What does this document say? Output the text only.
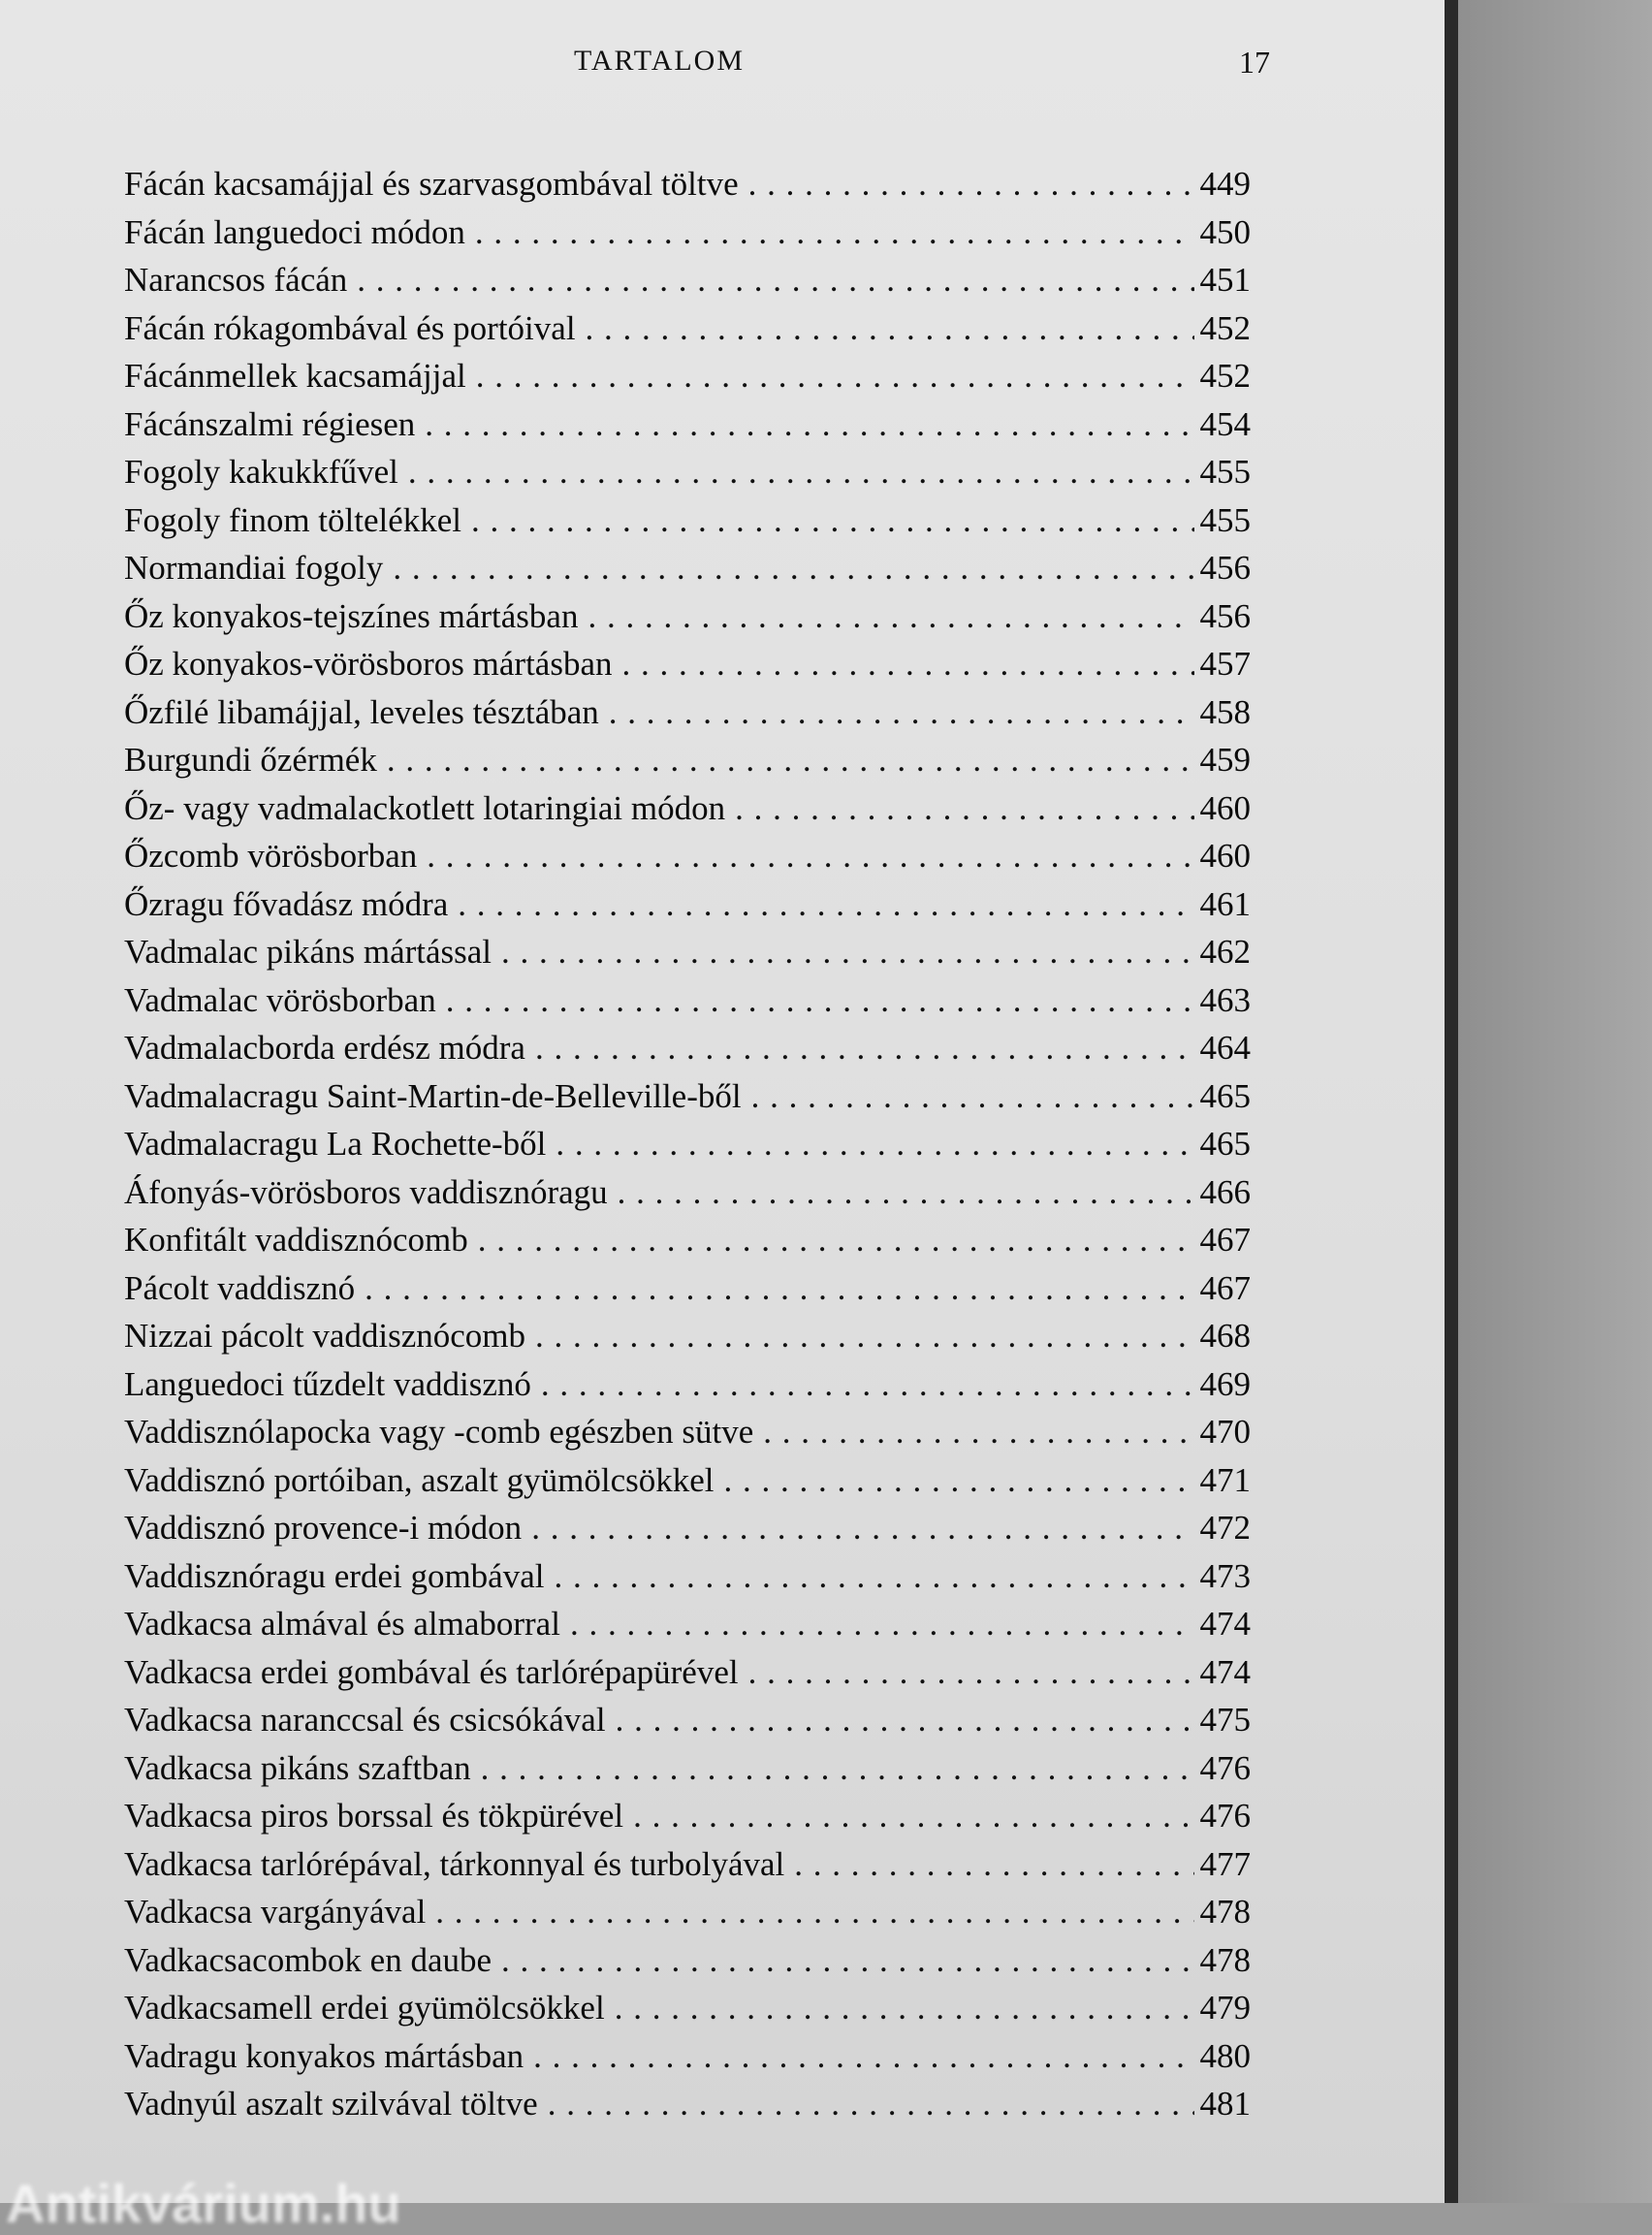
TARTALOM	17
Fácán kacsamájjal és szarvasgombával töltve . . .	449
Fácán languedoci módon . . .	450
Narancsos fácán . . .	451
Fácán rókagombával és portóival . . .	452
Fácánmellek kacsamájjal . . .	452
Fácánszalmi régiesen . . .	454
Fogoly kakukkfűvel . . .	455
Fogoly finom töltelékkel . . .	455
Normandiai fogoly . . .	456
Őz konyakos-tejszínes mártásban . . .	456
Őz konyakos-vörösboros mártásban . . .	457
Őzfilé libamájjal, leveles tésztában . . .	458
Burgundi őzérmék . . .	459
Őz- vagy vadmalackotlett lotaringiai módon . . .	460
Őzcomb vörösborban . . .	460
Őzragu fővadász módra . . .	461
Vadmalac pikáns mártással . . .	462
Vadmalac vörösborban . . .	463
Vadmalacborda erdész módra . . .	464
Vadmalacragu Saint-Martin-de-Belleville-ből . . .	465
Vadmalacragu La Rochette-ből . . .	465
Áfonyás-vörösboros vaddisznóragu . . .	466
Konfitált vaddisznócomb . . .	467
Pácolt vaddisznó . . .	467
Nizzai pácolt vaddisznócomb . . .	468
Languedoci tűzdelt vaddisznó . . .	469
Vaddisznólapocka vagy -comb egészben sütve . . .	470
Vaddisznó portóiban, aszalt gyümölcsökkel . . .	471
Vaddisznó provence-i módon . . .	472
Vaddisznóragu erdei gombával . . .	473
Vadkacsa almával és almaborral . . .	474
Vadkacsa erdei gombával és tarlórépapürével . . .	474
Vadkacsa naranccsal és csicsókával . . .	475
Vadkacsa pikáns szaftban . . .	476
Vadkacsa piros borssal és tökpürével . . .	476
Vadkacsa tarlórépával, tárkonnyal és turbolyával . . .	477
Vadkacsa vargányával . . .	478
Vadkacsacombok en daube . . .	478
Vadkacsamell erdei gyümölcsökkel . . .	479
Vadragu konyakos mártásban . . .	480
Vadnyúl aszalt szilvával töltve . . .	481
Antikvárium.hu
